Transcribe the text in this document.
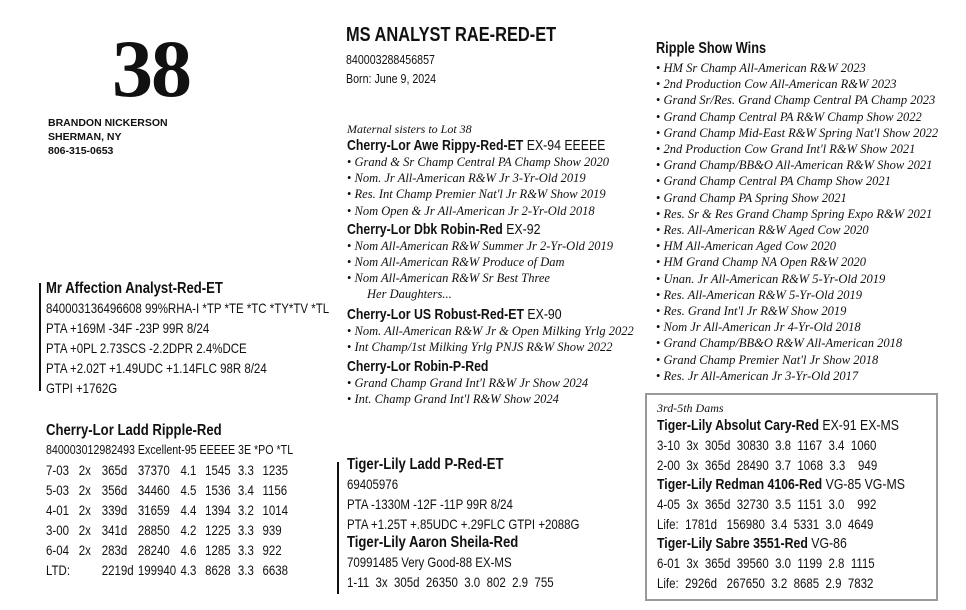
38
BRANDON NICKERSON
SHERMAN, NY
806-315-0653
MS ANALYST RAE-RED-ET
840003288456857
Born: June 9, 2024
Maternal sisters to Lot 38
Cherry-Lor Awe Rippy-Red-ET EX-94 EEEEE
• Grand & Sr Champ Central PA Champ Show 2020
• Nom. Jr All-American R&W Jr 3-Yr-Old 2019
• Res. Int Champ Premier Nat'l Jr R&W Show 2019
• Nom Open & Jr All-American Jr 2-Yr-Old 2018
Cherry-Lor Dbk Robin-Red EX-92
• Nom All-American R&W Summer Jr 2-Yr-Old 2019
• Nom All-American R&W Produce of Dam
• Nom All-American R&W Sr Best Three
Her Daughters...
Cherry-Lor US Robust-Red-ET EX-90
• Nom. All-American R&W Jr & Open Milking Yrlg 2022
• Int Champ/1st Milking Yrlg PNJS R&W Show 2022
Cherry-Lor Robin-P-Red
• Grand Champ Grand Int'l R&W Jr Show 2024
• Int. Champ Grand Int'l R&W Show 2024
Mr Affection Analyst-Red-ET
840003136496608 99%RHA-I *TP *TE *TC *TY*TV *TL
PTA +169M -34F -23P 99R 8/24
PTA +0PL 2.73SCS -2.2DPR 2.4%DCE
PTA +2.02T +1.49UDC +1.14FLC 98R 8/24
GTPI +1762G
Cherry-Lor Ladd Ripple-Red
840003012982493 Excellent-95 EEEEE 3E *PO *TL
7-03 2x 365d 37370 4.1 1545 3.3 1235
5-03 2x 356d 34460 4.5 1536 3.4 1156
4-01 2x 339d 31659 4.4 1394 3.2 1014
3-00 2x 341d 28850 4.2 1225 3.3 939
6-04 2x 283d 28240 4.6 1285 3.3 922
LTD:	2219d 199940 4.3 8628 3.3 6638
Tiger-Lily Ladd P-Red-ET
69405976
PTA -1330M -12F -11P 99R 8/24
PTA +1.25T +.85UDC +.29FLC GTPI +2088G
Tiger-Lily Aaron Sheila-Red
70991485 Very Good-88 EX-MS
1-11  3x  305d  26350  3.0  802  2.9  755
Ripple Show Wins
• HM Sr Champ All-American R&W 2023
• 2nd Production Cow All-American R&W 2023
• Grand Sr/Res. Grand Champ Central PA Champ 2023
• Grand Champ Central PA R&W Champ Show 2022
• Grand Champ Mid-East R&W Spring Nat'l Show 2022
• 2nd Production Cow Grand Int'l R&W Show 2021
• Grand Champ/BB&O All-American R&W Show 2021
• Grand Champ Central PA Champ Show 2021
• Grand Champ PA Spring Show 2021
• Res. Sr & Res Grand Champ Spring Expo R&W 2021
• Res. All-American R&W Aged Cow 2020
• HM All-American Aged Cow 2020
• HM Grand Champ NA Open R&W 2020
• Unan. Jr All-American R&W 5-Yr-Old 2019
• Res. All-American R&W 5-Yr-Old 2019
• Res. Grand Int'l Jr R&W Show 2019
• Nom Jr All-American Jr 4-Yr-Old 2018
• Grand Champ/BB&O R&W All-American 2018
• Grand Champ Premier Nat'l Jr Show 2018
• Res. Jr All-American Jr 3-Yr-Old 2017
3rd-5th Dams
Tiger-Lily Absolut Cary-Red EX-91 EX-MS
3-10  3x  305d  30830  3.8  1167  3.4  1060
2-00  3x  365d  28490  3.7  1068  3.3    949
Tiger-Lily Redman 4106-Red VG-85 VG-MS
4-05  3x  365d  32730  3.5  1151  3.0    992
Life:  1781d   156980  3.4  5331  3.0  4649
Tiger-Lily Sabre 3551-Red VG-86
6-01  3x  365d  39560  3.0  1199  2.8  1115
Life:  2926d   267650  3.2  8685  2.9  7832
